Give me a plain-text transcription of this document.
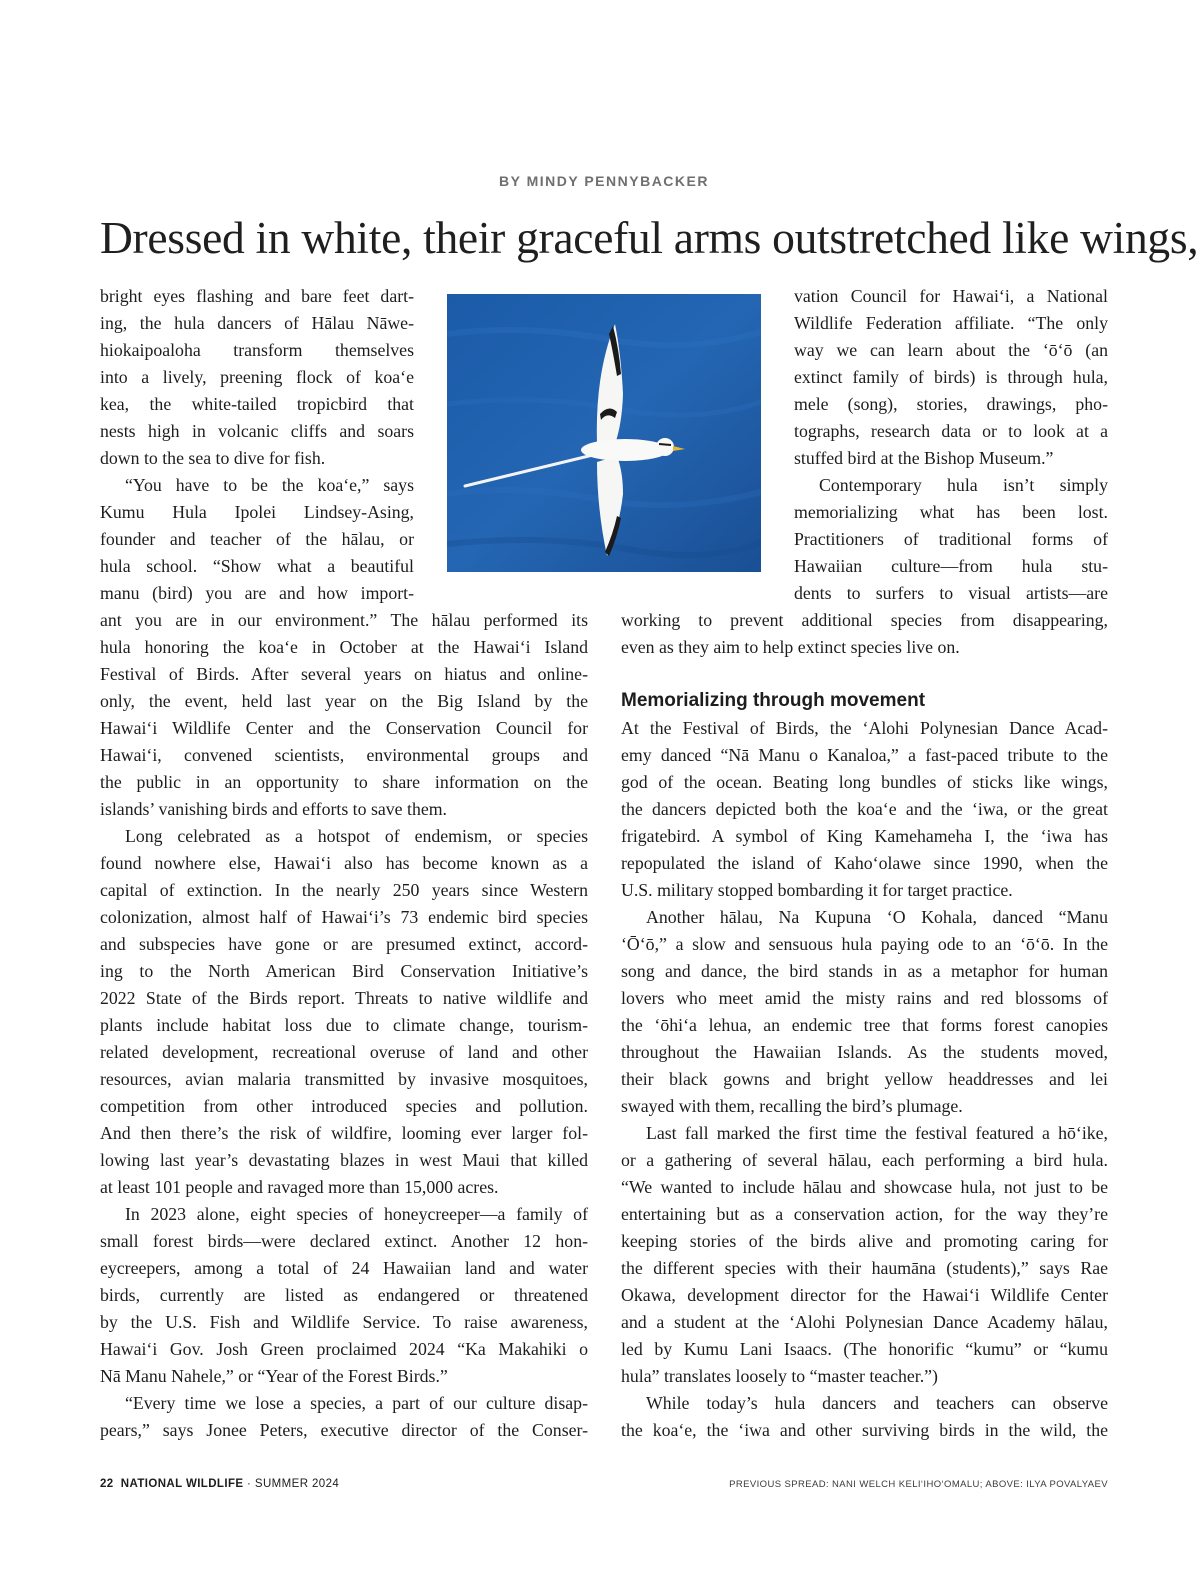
BY MINDY PENNYBACKER
Dressed in white, their graceful arms outstretched like wings,
bright eyes flashing and bare feet dart-
ing, the hula dancers of Hālau Nāwe-
hiokaipoaloha transform themselves
into a lively, preening flock of koaʻe
kea, the white-tailed tropicbird that
nests high in volcanic cliffs and soars
down to the sea to dive for fish.
“You have to be the koaʻe,” says
Kumu Hula Ipolei Lindsey-Asing,
founder and teacher of the hālau, or
hula school. “Show what a beautiful
manu (bird) you are and how import-
ant you are in our environment.” The hālau performed its
hula honoring the koaʻe in October at the Hawaiʻi Island
Festival of Birds. After several years on hiatus and online-
only, the event, held last year on the Big Island by the
Hawaiʻi Wildlife Center and the Conservation Council for
Hawaiʻi, convened scientists, environmental groups and
the public in an opportunity to share information on the
islands’ vanishing birds and efforts to save them.
Long celebrated as a hotspot of endemism, or species
found nowhere else, Hawaiʻi also has become known as a
capital of extinction. In the nearly 250 years since Western
colonization, almost half of Hawaiʻi’s 73 endemic bird species
and subspecies have gone or are presumed extinct, accord-
ing to the North American Bird Conservation Initiative’s
2022 State of the Birds report. Threats to native wildlife and
plants include habitat loss due to climate change, tourism-
related development, recreational overuse of land and other
resources, avian malaria transmitted by invasive mosquitoes,
competition from other introduced species and pollution.
And then there’s the risk of wildfire, looming ever larger fol-
lowing last year’s devastating blazes in west Maui that killed
at least 101 people and ravaged more than 15,000 acres.
In 2023 alone, eight species of honeycreeper—a family of
small forest birds—were declared extinct. Another 12 hon-
eycreepers, among a total of 24 Hawaiian land and water
birds, currently are listed as endangered or threatened
by the U.S. Fish and Wildlife Service. To raise awareness,
Hawaiʻi Gov. Josh Green proclaimed 2024 “Ka Makahiki o
Nā Manu Nahele,” or “Year of the Forest Birds.”
“Every time we lose a species, a part of our culture disap-
pears,” says Jonee Peters, executive director of the Conser-
vation Council for Hawaiʻi, a National
Wildlife Federation affiliate. “The only
way we can learn about the ʻōʻō (an
extinct family of birds) is through hula,
mele (song), stories, drawings, pho-
tographs, research data or to look at a
stuffed bird at the Bishop Museum.”
Contemporary hula isn’t simply
memorializing what has been lost.
Practitioners of traditional forms of
Hawaiian culture—from hula stu-
dents to surfers to visual artists—are
working to prevent additional species from disappearing,
even as they aim to help extinct species live on.
Memorializing through movement
At the Festival of Birds, the ʻAlohi Polynesian Dance Acad-
emy danced “Nā Manu o Kanaloa,” a fast-paced tribute to the
god of the ocean. Beating long bundles of sticks like wings,
the dancers depicted both the koaʻe and the ʻiwa, or the great
frigatebird. A symbol of King Kamehameha I, the ʻiwa has
repopulated the island of Kahoʻolawe since 1990, when the
U.S. military stopped bombarding it for target practice.
Another hālau, Na Kupuna ʻO Kohala, danced “Manu
ʻŌʻō,” a slow and sensuous hula paying ode to an ʻōʻō. In the
song and dance, the bird stands in as a metaphor for human
lovers who meet amid the misty rains and red blossoms of
the ʻōhiʻa lehua, an endemic tree that forms forest canopies
throughout the Hawaiian Islands. As the students moved,
their black gowns and bright yellow headdresses and lei
swayed with them, recalling the bird’s plumage.
Last fall marked the first time the festival featured a hōʻike,
or a gathering of several hālau, each performing a bird hula.
“We wanted to include hālau and showcase hula, not just to be
entertaining but as a conservation action, for the way they’re
keeping stories of the birds alive and promoting caring for
the different species with their haumāna (students),” says Rae
Okawa, development director for the Hawaiʻi Wildlife Center
and a student at the ʻAlohi Polynesian Dance Academy hālau,
led by Kumu Lani Isaacs. (The honorific “kumu” or “kumu
hula” translates loosely to “master teacher.”)
While today’s hula dancers and teachers can observe
the koaʻe, the ʻiwa and other surviving birds in the wild, the
22 NATIONAL WILDLIFE · SUMMER 2024	PREVIOUS SPREAD: NANI WELCH KELIʻIHOʻOMALU; ABOVE: ILYA POVALYAEV
